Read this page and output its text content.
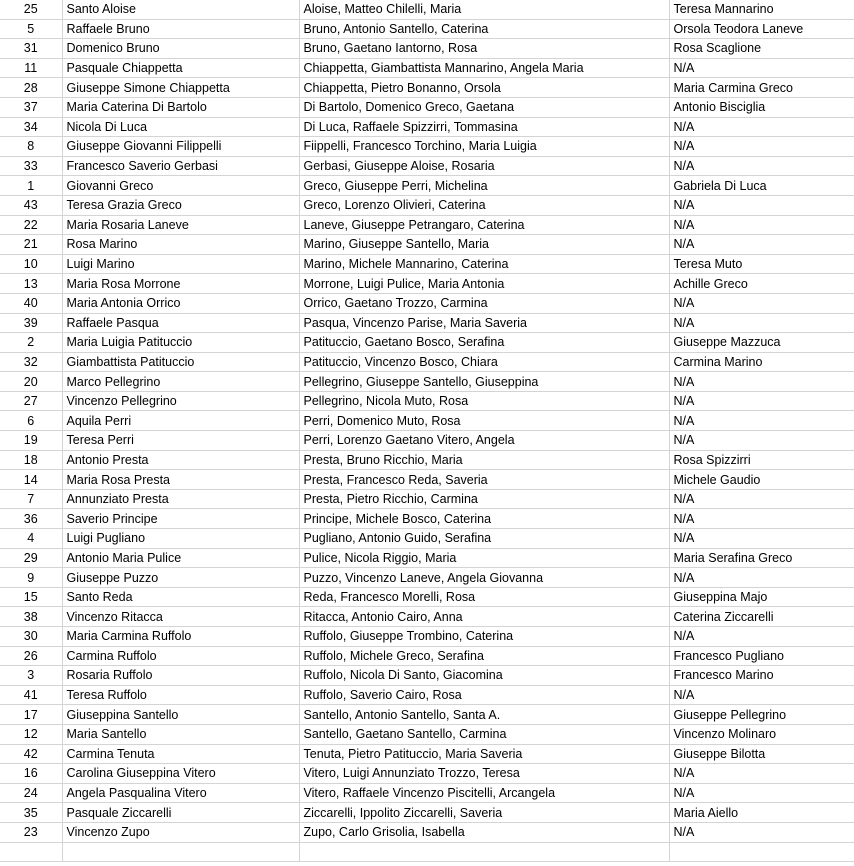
25	Santo Aloise	Aloise, Matteo Chilelli, Maria	Teresa Mannarino
5	Raffaele Bruno	Bruno, Antonio Santello, Caterina	Orsola Teodora Laneve
31	Domenico Bruno	Bruno, Gaetano Iantorno, Rosa	Rosa Scaglione
11	Pasquale Chiappetta	Chiappetta, Giambattista Mannarino, Angela Maria	N/A
28	Giuseppe Simone Chiappetta	Chiappetta, Pietro Bonanno, Orsola	Maria Carmina Greco
37	Maria Caterina Di Bartolo	Di Bartolo, Domenico Greco, Gaetana	Antonio Bisciglia
34	Nicola Di Luca	Di Luca, Raffaele Spizzirri, Tommasina	N/A
8	Giuseppe Giovanni Filippelli	Fiippelli, Francesco Torchino, Maria Luigia	N/A
33	Francesco Saverio Gerbasi	Gerbasi, Giuseppe Aloise, Rosaria	N/A
1	Giovanni Greco	Greco, Giuseppe Perri, Michelina	Gabriela Di Luca
43	Teresa Grazia Greco	Greco, Lorenzo Olivieri, Caterina	N/A
22	Maria Rosaria Laneve	Laneve, Giuseppe Petrangaro, Caterina	N/A
21	Rosa Marino	Marino, Giuseppe Santello, Maria	N/A
10	Luigi Marino	Marino, Michele Mannarino, Caterina	Teresa Muto
13	Maria Rosa Morrone	Morrone, Luigi Pulice, Maria Antonia	Achille Greco
40	Maria Antonia Orrico	Orrico, Gaetano Trozzo, Carmina	N/A
39	Raffaele Pasqua	Pasqua, Vincenzo Parise, Maria Saveria	N/A
2	Maria Luigia Patituccio	Patituccio, Gaetano Bosco, Serafina	Giuseppe Mazzuca
32	Giambattista Patituccio	Patituccio, Vincenzo Bosco, Chiara	Carmina Marino
20	Marco Pellegrino	Pellegrino, Giuseppe Santello, Giuseppina	N/A
27	Vincenzo Pellegrino	Pellegrino, Nicola Muto, Rosa	N/A
6	Aquila Perri	Perri, Domenico Muto, Rosa	N/A
19	Teresa Perri	Perri, Lorenzo Gaetano Vitero, Angela	N/A
18	Antonio Presta	Presta, Bruno Ricchio, Maria	Rosa Spizzirri
14	Maria Rosa Presta	Presta, Francesco Reda, Saveria	Michele Gaudio
7	Annunziato Presta	Presta, Pietro Ricchio, Carmina	N/A
36	Saverio Principe	Principe, Michele Bosco, Caterina	N/A
4	Luigi Pugliano	Pugliano, Antonio Guido, Serafina	N/A
29	Antonio Maria Pulice	Pulice, Nicola Riggio, Maria	Maria Serafina Greco
9	Giuseppe Puzzo	Puzzo, Vincenzo Laneve, Angela Giovanna	N/A
15	Santo Reda	Reda, Francesco Morelli, Rosa	Giuseppina Majo
38	Vincenzo Ritacca	Ritacca, Antonio Cairo, Anna	Caterina Ziccarelli
30	Maria Carmina Ruffolo	Ruffolo, Giuseppe Trombino, Caterina	N/A
26	Carmina Ruffolo	Ruffolo, Michele Greco, Serafina	Francesco Pugliano
3	Rosaria Ruffolo	Ruffolo, Nicola Di Santo, Giacomina	Francesco Marino
41	Teresa Ruffolo	Ruffolo, Saverio Cairo, Rosa	N/A
17	Giuseppina Santello	Santello, Antonio Santello, Santa A.	Giuseppe Pellegrino
12	Maria Santello	Santello, Gaetano Santello, Carmina	Vincenzo Molinaro
42	Carmina Tenuta	Tenuta, Pietro Patituccio, Maria Saveria	Giuseppe Bilotta
16	Carolina Giuseppina Vitero	Vitero, Luigi Annunziato Trozzo, Teresa	N/A
24	Angela Pasqualina Vitero	Vitero, Raffaele Vincenzo Piscitelli, Arcangela	N/A
35	Pasquale Ziccarelli	Ziccarelli, Ippolito Ziccarelli, Saveria	Maria Aiello
23	Vincenzo Zupo	Zupo, Carlo Grisolia, Isabella	N/A
